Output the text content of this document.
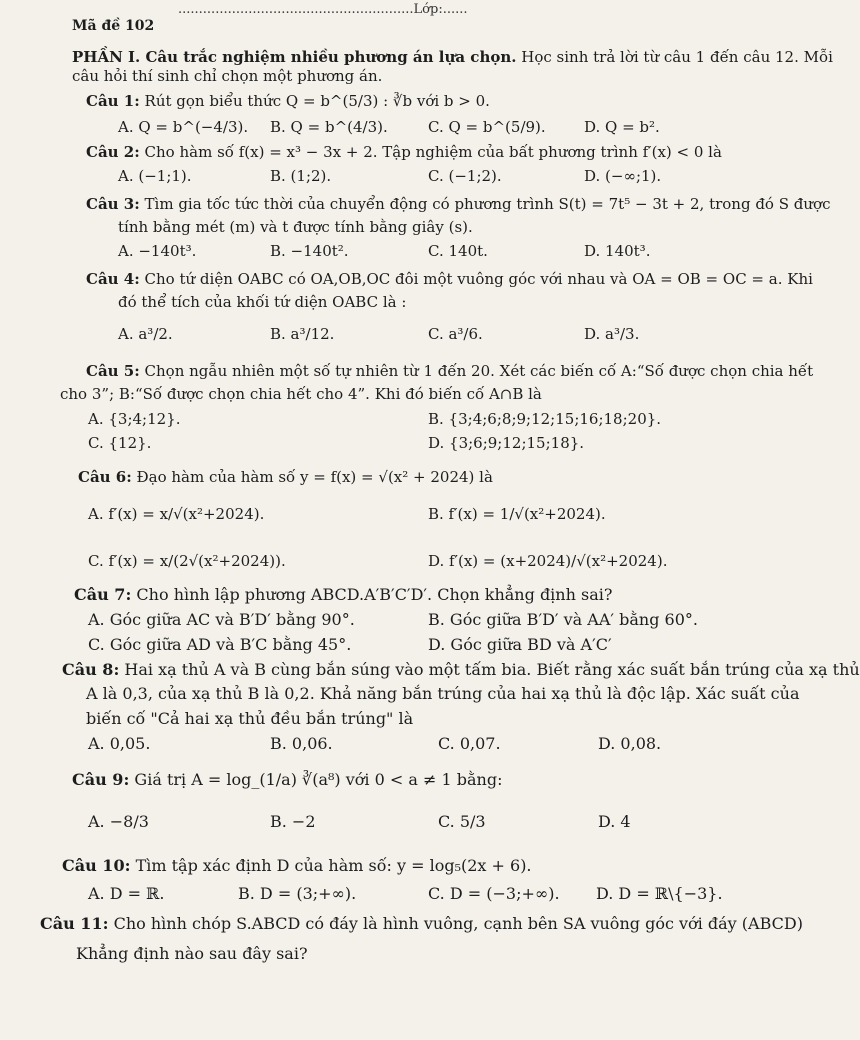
.........................................................Lớp:......
Mã đề 102
PHẦN I. Câu trắc nghiệm nhiều phương án lựa chọn. Học sinh trả lời từ câu 1 đến câu 12. Mỗi
câu hỏi thí sinh chỉ chọn một phương án.
Câu 1: Rút gọn biểu thức Q = b^(5/3) : ∛b với b > 0.
A. Q = b^(−4/3). B. Q = b^(4/3).	C. Q = b^(5/9).	D. Q = b².
Câu 2: Cho hàm số f(x) = x³ − 3x + 2. Tập nghiệm của bất phương trình f′(x) < 0 là
A. (−1;1).	B. (1;2).	C. (−1;2).	D. (−∞;1).
Câu 3: Tìm gia tốc tức thời của chuyển động có phương trình S(t) = 7t⁵ − 3t + 2, trong đó S được
tính bằng mét (m) và t được tính bằng giây (s).
A. −140t³.	B. −140t².	C. 140t.	D. 140t³.
Câu 4: Cho tứ diện OABC có OA,OB,OC đôi một vuông góc với nhau và OA = OB = OC = a. Khi
đó thể tích của khối tứ diện OABC là :
A. a³/2.	B. a³/12.	C. a³/6.	D. a³/3.
Câu 5: Chọn ngẫu nhiên một số tự nhiên từ 1 đến 20. Xét các biến cố A:“Số được chọn chia hết
cho 3”; B:“Số được chọn chia hết cho 4”. Khi đó biến cố A∩B là
A. {3;4;12}.	B. {3;4;6;8;9;12;15;16;18;20}.
C. {12}.	D. {3;6;9;12;15;18}.
Câu 6: Đạo hàm của hàm số y = f(x) = √(x² + 2024) là
A. f′(x) = x/√(x²+2024).	B. f′(x) = 1/√(x²+2024).
C. f′(x) = x/(2√(x²+2024)).	D. f′(x) = (x+2024)/√(x²+2024).
Câu 7: Cho hình lập phương ABCD.A′B′C′D′. Chọn khẳng định sai?
A. Góc giữa AC và B′D′ bằng 90°.	B. Góc giữa B′D′ và AA′ bằng 60°.
C. Góc giữa AD và B′C bằng 45°.	D. Góc giữa BD và A′C′
Câu 8: Hai xạ thủ A và B cùng bắn súng vào một tấm bia. Biết rằng xác suất bắn trúng của xạ thủ
A là 0,3, của xạ thủ B là 0,2. Khả năng bắn trúng của hai xạ thủ là độc lập. Xác suất của
biến cố "Cả hai xạ thủ đều bắn trúng" là
A. 0,05.	B. 0,06.	C. 0,07.	D. 0,08.
Câu 9: Giá trị A = log_(1/a) ∛(a⁸) với 0 < a ≠ 1 bằng:
A. −8/3	B. −2	C. 5/3	D. 4
Câu 10: Tìm tập xác định D của hàm số: y = log₅(2x + 6).
A. D = ℝ.	B. D = (3;+∞).	C. D = (−3;+∞). D. D = ℝ\{−3}.
Câu 11: Cho hình chóp S.ABCD có đáy là hình vuông, cạnh bên SA vuông góc với đáy (ABCD)
Khẳng định nào sau đây sai?
